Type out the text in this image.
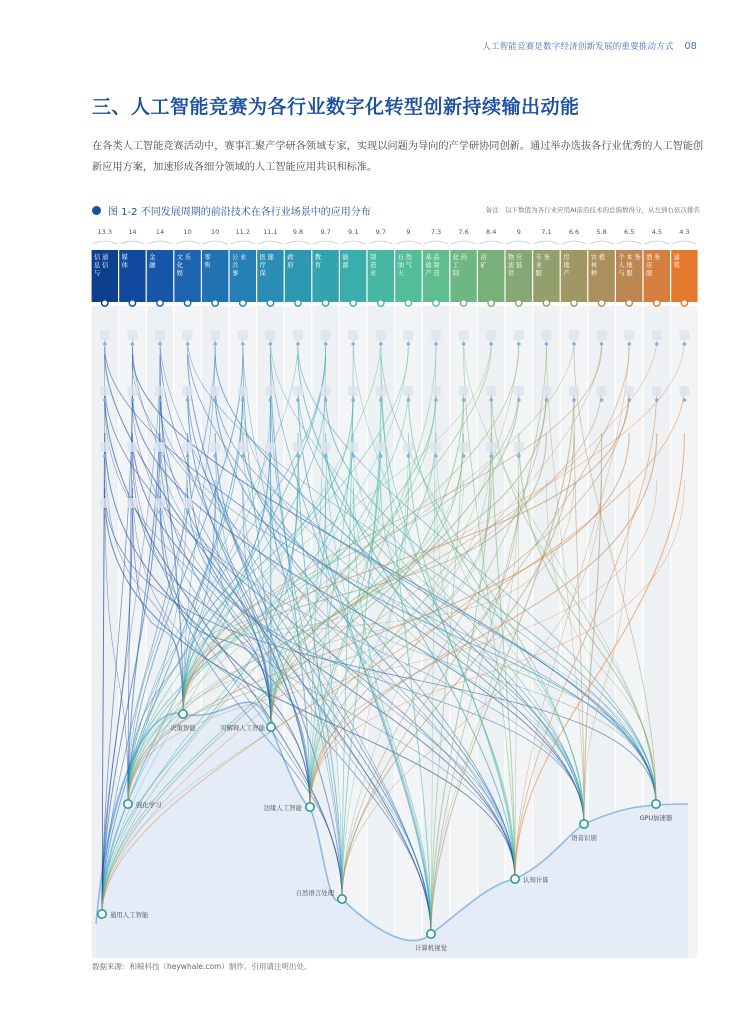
人工智能竞赛是数字经济创新发展的重要推动方式 08
三、人工智能竞赛为各行业数字化转型创新持续输出动能
在各类人工智能竞赛活动中，赛事汇聚产学研各领域专家，实现以问题为导向的产学研协同创新。通过举办选拔各行业优秀的人工智能创新应用方案，加速形成各细分领域的人工智能应用共识和标准。
图 1-2 不同发展周期的前沿技术在各行业场景中的应用分布	备注：以下数值为各行业应用AI前沿技术的总指数得分，从左到右依次排名
13.3 14	14	10	10 11.2 11.1 9.8	9.7	9.1	9.7	9	7.3	7.6	8.4	9	7.1	6.6	5.8	6.5	4.5	4.3
信
息
与
通
信
媒
体
金
融
文
化
娱
乐 零
售
公
共
事
业 医
疗
保
健 政
府
教
育
能
源
制
造
业
石
油
天
然
气
基
础
产
品
制
造
化
工
制
药 冶
矿
物
流
供
应
链
专
业
服
务 房
地
产
农
林
种
植 个
人
与
本
地
服
务 酒
店
服
务 建
筑
通用人工智能
强化学习
决策智能	可解释人工智能
边缘人工智能
自然语言处理
计算机视觉
认知计算
语音识别
GPU加速器
数据来源：和鲸科技（heywhale.com）制作。引用请注明出处。
